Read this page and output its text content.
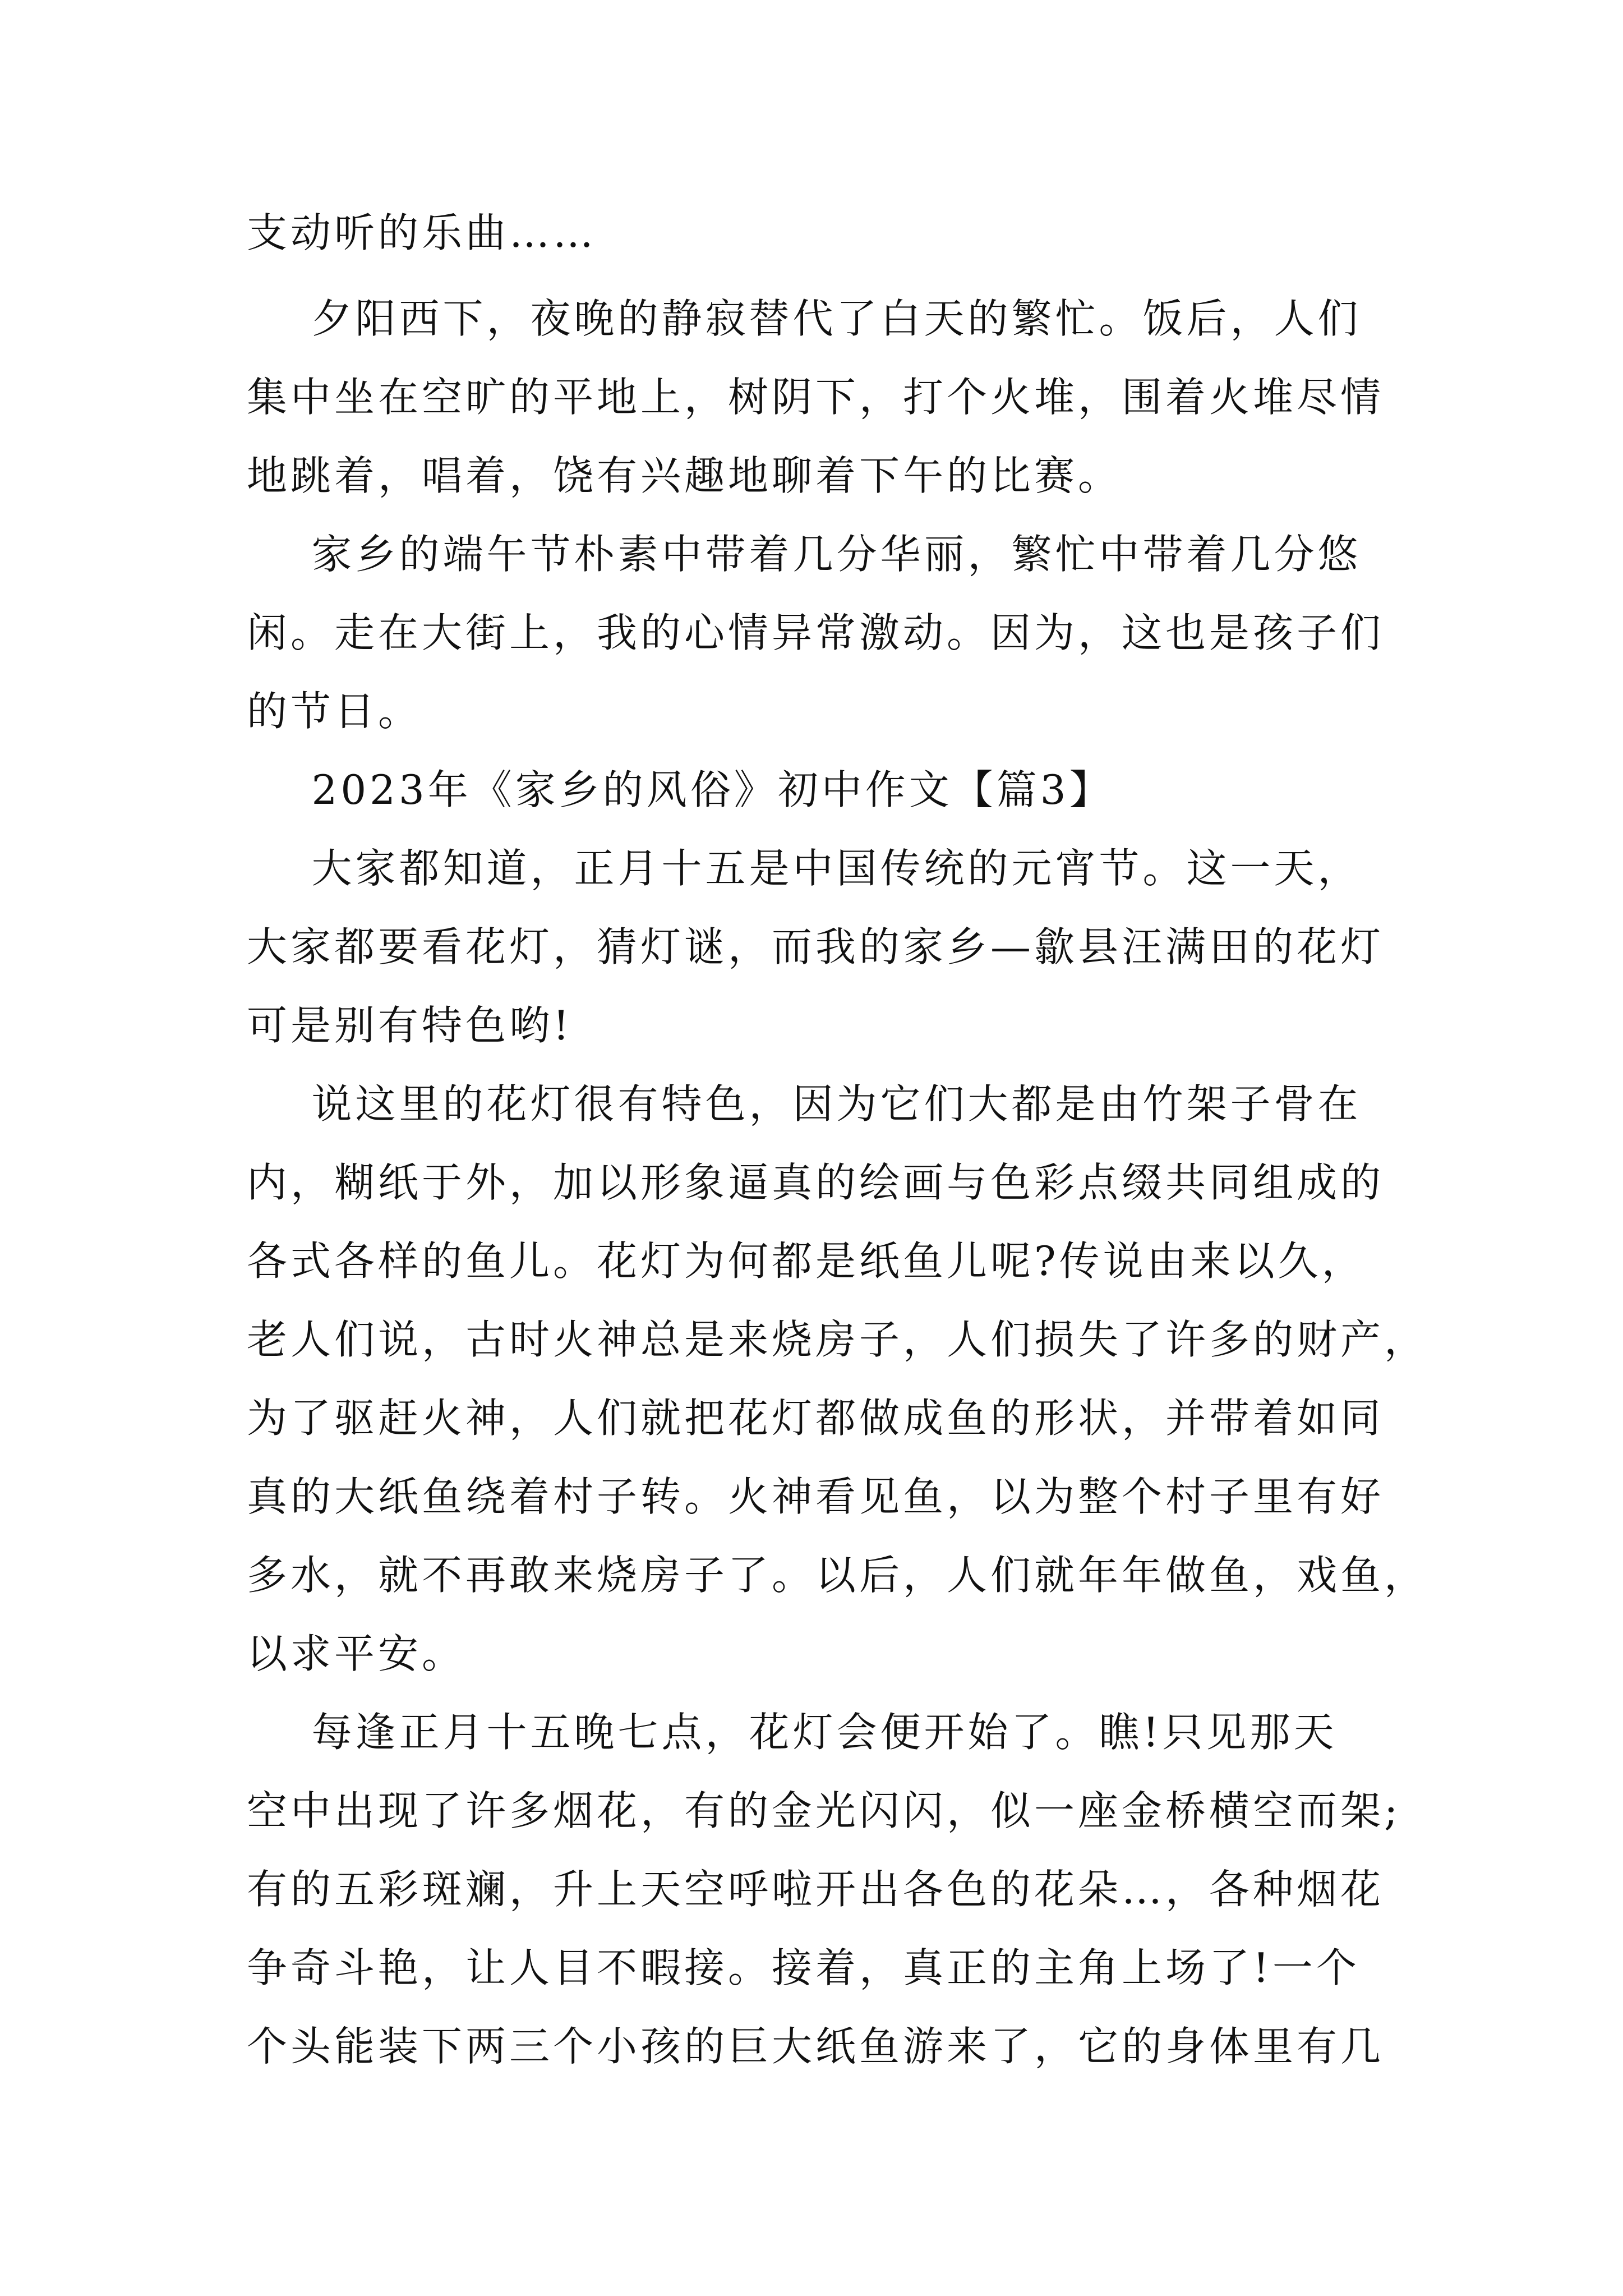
支动听的乐曲……
夕阳西下，夜晚的静寂替代了白天的繁忙。饭后，人们
集中坐在空旷的平地上，树阴下，打个火堆，围着火堆尽情
地跳着，唱着，饶有兴趣地聊着下午的比赛。
家乡的端午节朴素中带着几分华丽，繁忙中带着几分悠
闲。走在大街上，我的心情异常激动。因为，这也是孩子们
的节日。
2023年《家乡的风俗》初中作文【篇3】
大家都知道，正月十五是中国传统的元宵节。这一天，
大家都要看花灯，猜灯谜，而我的家乡—歙县汪满田的花灯
可是别有特色哟!
说这里的花灯很有特色，因为它们大都是由竹架子骨在
内，糊纸于外，加以形象逼真的绘画与色彩点缀共同组成的
各式各样的鱼儿。花灯为何都是纸鱼儿呢?传说由来以久，
老人们说，古时火神总是来烧房子，人们损失了许多的财产，
为了驱赶火神，人们就把花灯都做成鱼的形状，并带着如同
真的大纸鱼绕着村子转。火神看见鱼，以为整个村子里有好
多水，就不再敢来烧房子了。以后，人们就年年做鱼，戏鱼，
以求平安。
每逢正月十五晚七点，花灯会便开始了。瞧!只见那天
空中出现了许多烟花，有的金光闪闪，似一座金桥横空而架;
有的五彩斑斓，升上天空呼啦开出各色的花朵…，各种烟花
争奇斗艳，让人目不暇接。接着，真正的主角上场了!一个
个头能装下两三个小孩的巨大纸鱼游来了，它的身体里有几
